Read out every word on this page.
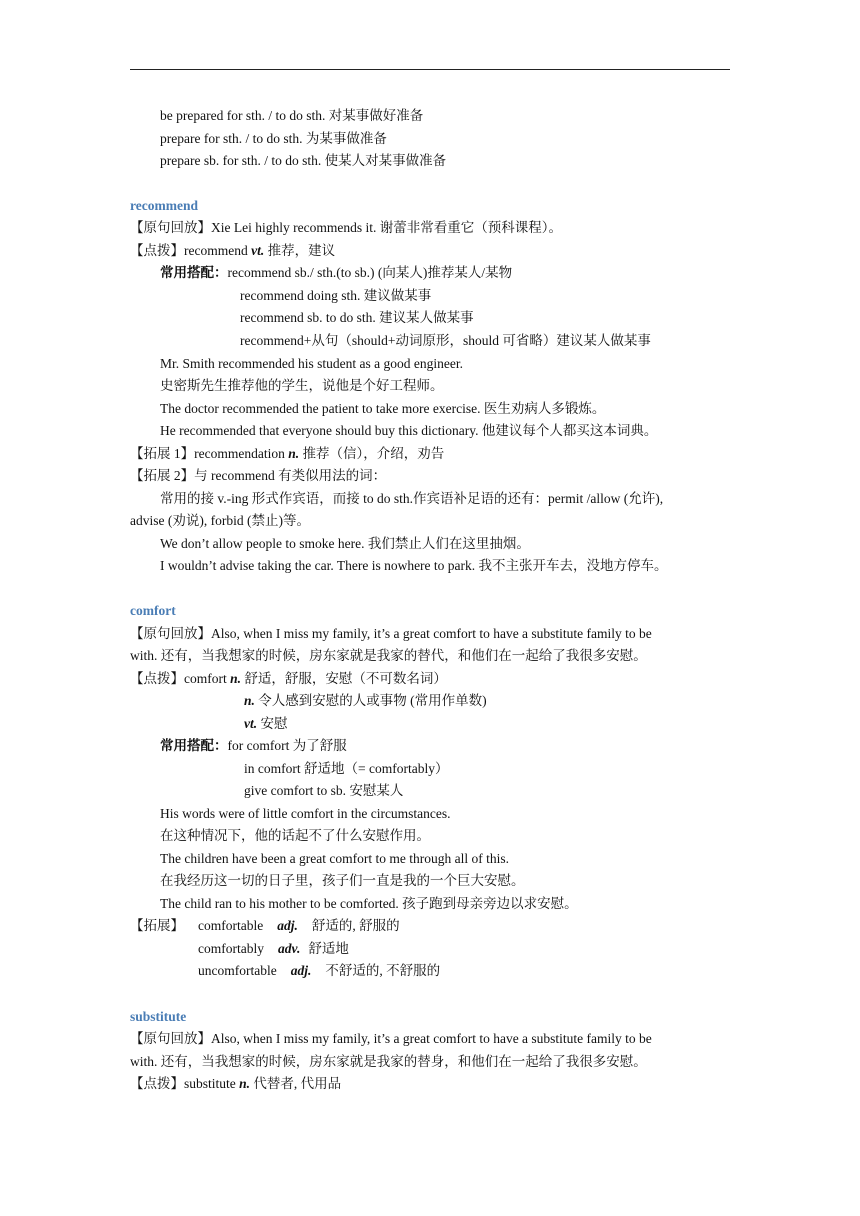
be prepared for sth. / to do sth. 对某事做好准备
prepare for sth. / to do sth. 为某事做准备
prepare sb. for sth. / to do sth. 使某人对某事做准备
recommend
【原句回放】Xie Lei highly recommends it. 谢蕾非常看重它（预科课程）。
【点拨】recommend vt. 推荐，建议
常用搭配：recommend sb./ sth.(to sb.) (向某人)推荐某人/某物
recommend doing sth. 建议做某事
recommend sb. to do sth. 建议某人做某事
recommend+从句（should+动词原形，should 可省略）建议某人做某事
Mr. Smith recommended his student as a good engineer.
史密斯先生推荐他的学生，说他是个好工程师。
The doctor recommended the patient to take more exercise. 医生劝病人多锻炼。
He recommended that everyone should buy this dictionary. 他建议每个人都买这本词典。
【拓展 1】recommendation n. 推荐（信），介绍，劝告
【拓展 2】与 recommend 有类似用法的词：
常用的接 v.-ing 形式作宾语，而接 to do sth.作宾语补足语的还有：permit /allow (允许),
advise (劝说), forbid (禁止)等。
We don’t allow people to smoke here. 我们禁止人们在这里抽烟。
I wouldn’t advise taking the car. There is nowhere to park. 我不主张开车去，没地方停车。
comfort
【原句回放】Also, when I miss my family, it’s a great comfort to have a substitute family to be
with. 还有，当我想家的时候，房东家就是我家的替代，和他们在一起给了我很多安慰。
【点拨】comfort n. 舒适，舒服，安慰（不可数名词）
n. 令人感到安慰的人或事物 (常用作单数)
vt. 安慰
常用搭配：for comfort 为了舒服
in comfort 舒适地（= comfortably）
give comfort to sb. 安慰某人
His words were of little comfort in the circumstances.
在这种情况下，他的话起不了什么安慰作用。
The children have been a great comfort to me through all of this.
在我经历这一切的日子里，孩子们一直是我的一个巨大安慰。
The child ran to his mother to be comforted. 孩子跑到母亲旁边以求安慰。
【拓展】 comfortable adj. 舒适的, 舒服的
comfortably adv. 舒适地
uncomfortable adj. 不舒适的, 不舒服的
substitute
【原句回放】Also, when I miss my family, it’s a great comfort to have a substitute family to be
with. 还有，当我想家的时候，房东家就是我家的替身，和他们在一起给了我很多安慰。
【点拨】substitute n. 代替者, 代用品
